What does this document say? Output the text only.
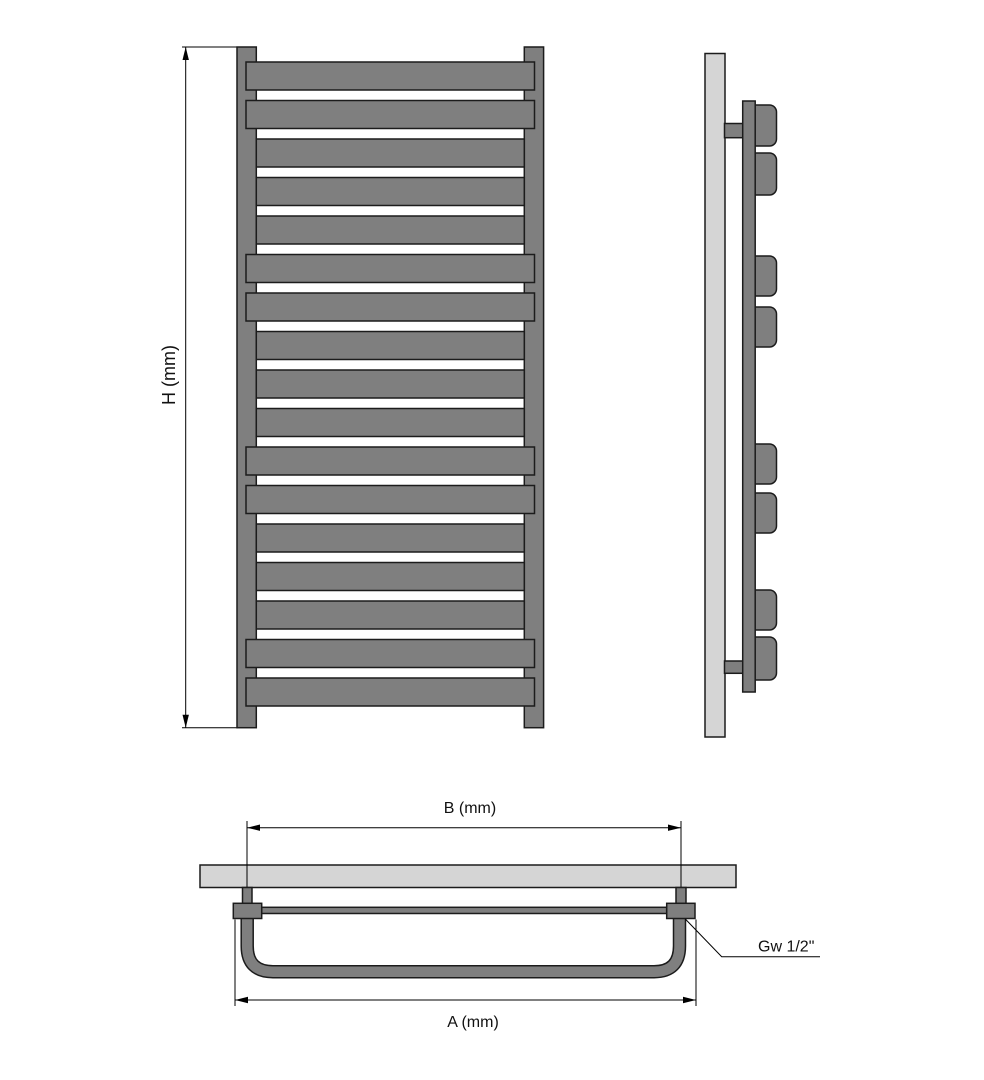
H (mm)
B (mm)
A (mm)
Gw 1/2"
